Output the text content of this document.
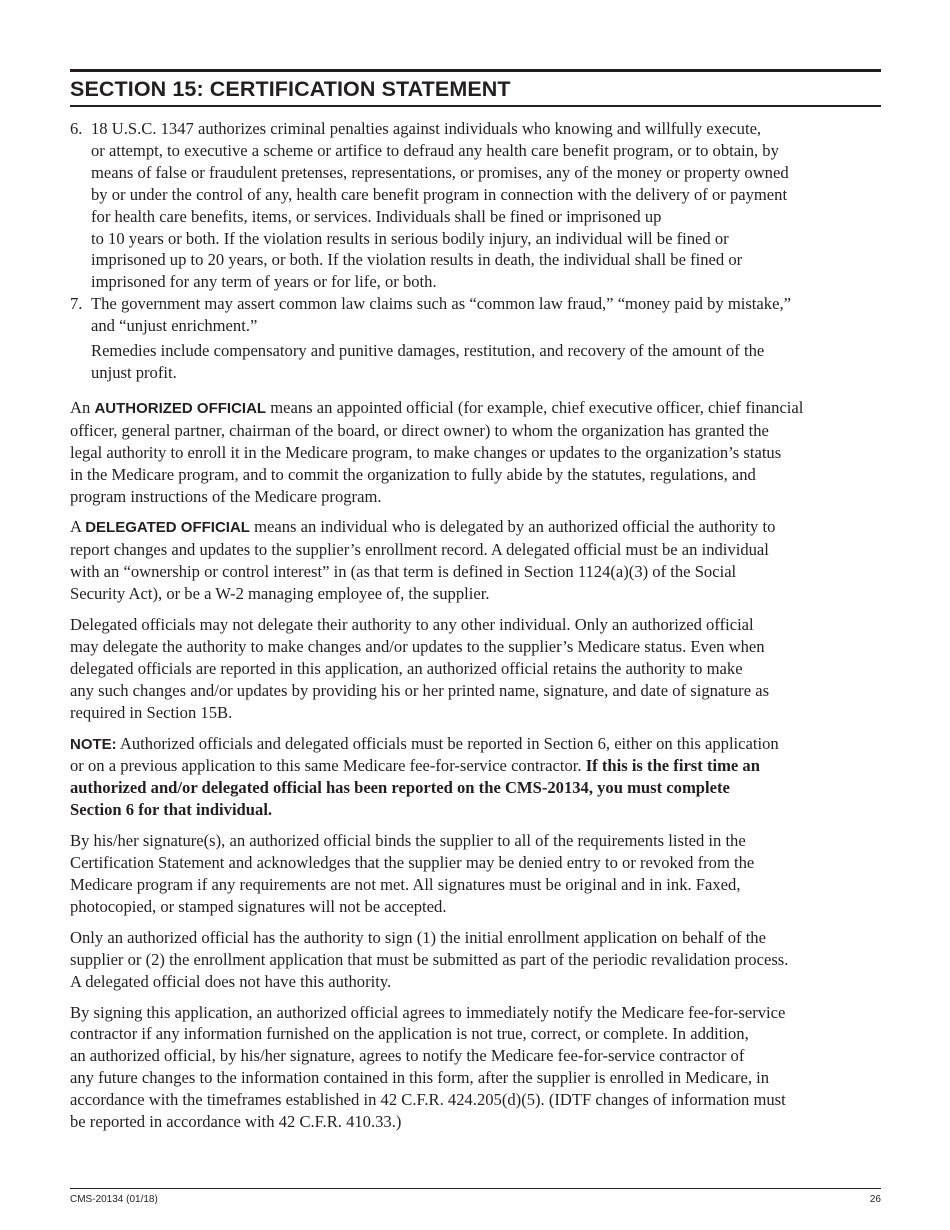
SECTION 15: CERTIFICATION STATEMENT
6. 18 U.S.C. 1347 authorizes criminal penalties against individuals who knowing and willfully execute,
or attempt, to executive a scheme or artifice to defraud any health care benefit program, or to obtain, by
means of false or fraudulent pretenses, representations, or promises, any of the money or property owned
by or under the control of any, health care benefit program in connection with the delivery of or payment
for health care benefits, items, or services. Individuals shall be fined or imprisoned up
to 10 years or both. If the violation results in serious bodily injury, an individual will be fined or
imprisoned up to 20 years, or both. If the violation results in death, the individual shall be fined or
imprisoned for any term of years or for life, or both.
7. The government may assert common law claims such as “common law fraud,” “money paid by mistake,”
and “unjust enrichment.”
Remedies include compensatory and punitive damages, restitution, and recovery of the amount of the
unjust profit.
An AUTHORIZED OFFICIAL means an appointed official (for example, chief executive officer, chief financial
officer, general partner, chairman of the board, or direct owner) to whom the organization has granted the
legal authority to enroll it in the Medicare program, to make changes or updates to the organization’s status
in the Medicare program, and to commit the organization to fully abide by the statutes, regulations, and
program instructions of the Medicare program.
A DELEGATED OFFICIAL means an individual who is delegated by an authorized official the authority to
report changes and updates to the supplier’s enrollment record. A delegated official must be an individual
with an “ownership or control interest” in (as that term is defined in Section 1124(a)(3) of the Social
Security Act), or be a W-2 managing employee of, the supplier.
Delegated officials may not delegate their authority to any other individual. Only an authorized official
may delegate the authority to make changes and/or updates to the supplier’s Medicare status. Even when
delegated officials are reported in this application, an authorized official retains the authority to make
any such changes and/or updates by providing his or her printed name, signature, and date of signature as
required in Section 15B.
NOTE: Authorized officials and delegated officials must be reported in Section 6, either on this application
or on a previous application to this same Medicare fee-for-service contractor. If this is the first time an
authorized and/or delegated official has been reported on the CMS-20134, you must complete
Section 6 for that individual.
By his/her signature(s), an authorized official binds the supplier to all of the requirements listed in the
Certification Statement and acknowledges that the supplier may be denied entry to or revoked from the
Medicare program if any requirements are not met. All signatures must be original and in ink. Faxed,
photocopied, or stamped signatures will not be accepted.
Only an authorized official has the authority to sign (1) the initial enrollment application on behalf of the
supplier or (2) the enrollment application that must be submitted as part of the periodic revalidation process.
A delegated official does not have this authority.
By signing this application, an authorized official agrees to immediately notify the Medicare fee-for-service
contractor if any information furnished on the application is not true, correct, or complete. In addition,
an authorized official, by his/her signature, agrees to notify the Medicare fee-for-service contractor of
any future changes to the information contained in this form, after the supplier is enrolled in Medicare, in
accordance with the timeframes established in 42 C.F.R. 424.205(d)(5). (IDTF changes of information must
be reported in accordance with 42 C.F.R. 410.33.)
CMS-20134 (01/18)	26
